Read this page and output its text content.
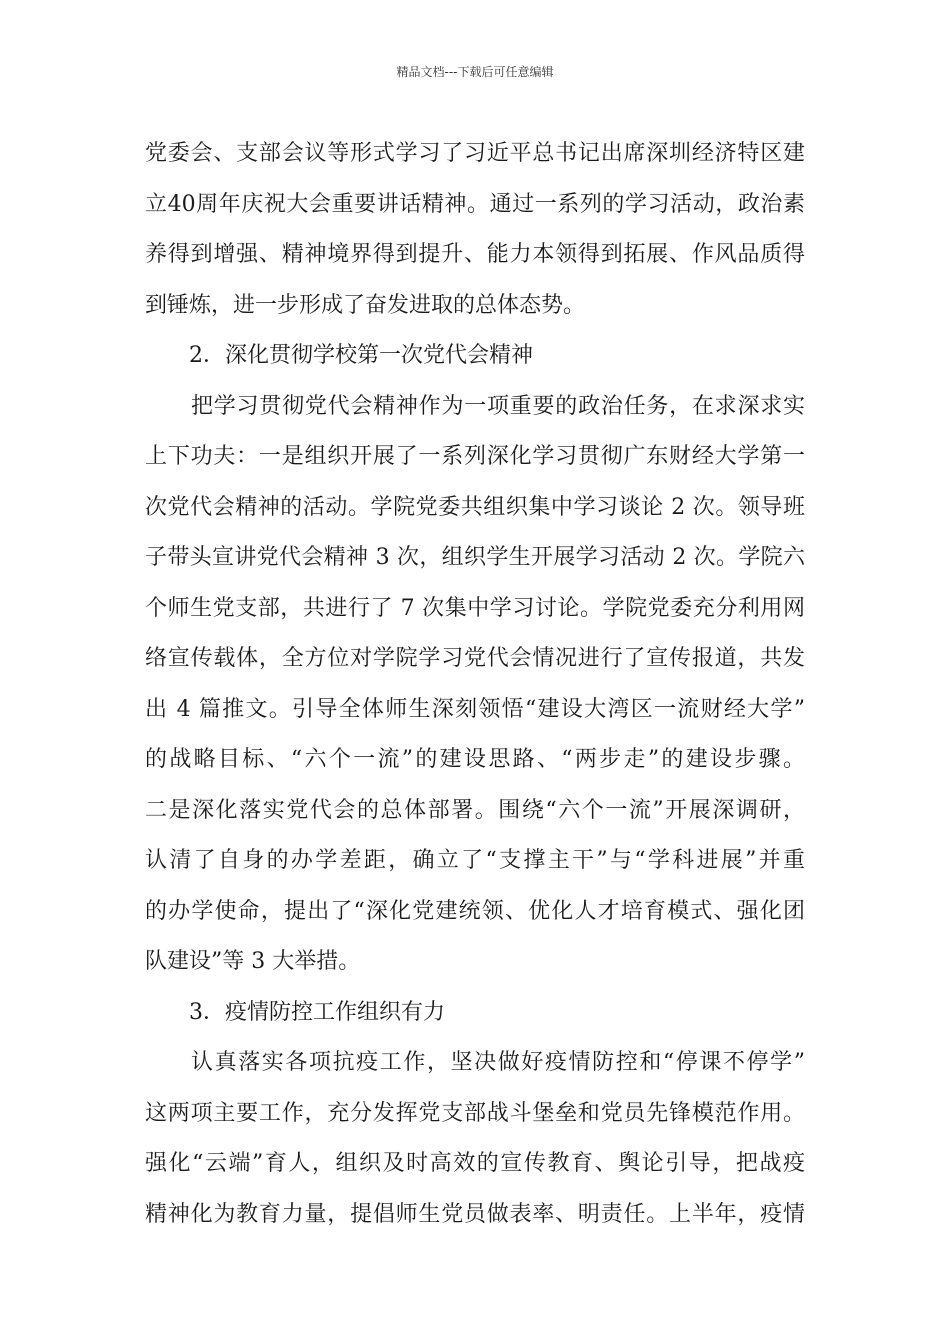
精品文档---下载后可任意编辑
党委会、支部会议等形式学习了习近平总书记出席深圳经济特区建
立40周年庆祝大会重要讲话精神。通过一系列的学习活动，政治素
养得到增强、精神境界得到提升、能力本领得到拓展、作风品质得
到锤炼，进一步形成了奋发进取的总体态势。
2．深化贯彻学校第一次党代会精神
把学习贯彻党代会精神作为一项重要的政治任务，在求深求实
上下功夫：一是组织开展了一系列深化学习贯彻广东财经大学第一
次党代会精神的活动。学院党委共组织集中学习谈论 2 次。领导班
子带头宣讲党代会精神 3 次，组织学生开展学习活动 2 次。学院六
个师生党支部，共进行了 7 次集中学习讨论。学院党委充分利用网
络宣传载体，全方位对学院学习党代会情况进行了宣传报道，共发
出 4 篇推文。引导全体师生深刻领悟“建设大湾区一流财经大学”
的战略目标、“六个一流”的建设思路、“两步走”的建设步骤。
二是深化落实党代会的总体部署。围绕“六个一流”开展深调研，
认清了自身的办学差距，确立了“支撑主干”与“学科进展”并重
的办学使命，提出了“深化党建统领、优化人才培育模式、强化团
队建设”等 3 大举措。
3．疫情防控工作组织有力
认真落实各项抗疫工作，坚决做好疫情防控和“停课不停学”
这两项主要工作，充分发挥党支部战斗堡垒和党员先锋模范作用。
强化“云端”育人，组织及时高效的宣传教育、舆论引导，把战疫
精神化为教育力量，提倡师生党员做表率、明责任。上半年，疫情
